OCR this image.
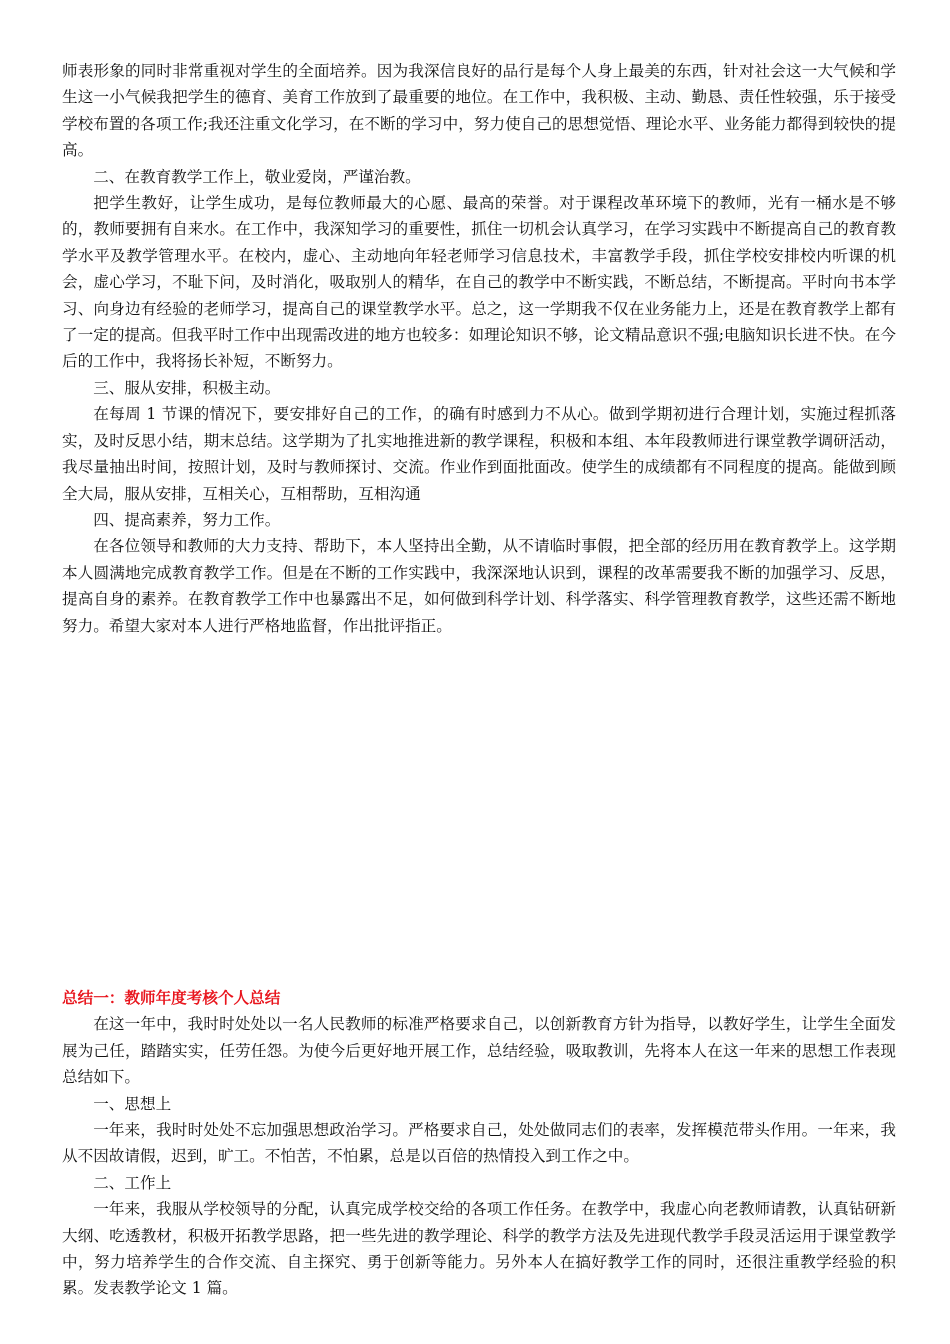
师表形象的同时非常重视对学生的全面培养。因为我深信良好的品行是每个人身上最美的东西，针对社会这一大气候和学生这一小气候我把学生的德育、美育工作放到了最重要的地位。在工作中，我积极、主动、勤恳、责任性较强，乐于接受学校布置的各项工作;我还注重文化学习，在不断的学习中，努力使自己的思想觉悟、理论水平、业务能力都得到较快的提高。

二、在教育教学工作上，敬业爱岗，严谨治教。

把学生教好，让学生成功，是每位教师最大的心愿、最高的荣誉。对于课程改革环境下的教师，光有一桶水是不够的，教师要拥有自来水。在工作中，我深知学习的重要性，抓住一切机会认真学习，在学习实践中不断提高自己的教育教学水平及教学管理水平。在校内，虚心、主动地向年轻老师学习信息技术，丰富教学手段，抓住学校安排校内听课的机会，虚心学习，不耻下问，及时消化，吸取别人的精华，在自己的教学中不断实践，不断总结，不断提高。平时向书本学习、向身边有经验的老师学习，提高自己的课堂教学水平。总之，这一学期我不仅在业务能力上，还是在教育教学上都有了一定的提高。但我平时工作中出现需改进的地方也较多：如理论知识不够，论文精品意识不强;电脑知识长进不快。在今后的工作中，我将扬长补短，不断努力。

三、服从安排，积极主动。

在每周 1 节课的情况下，要安排好自己的工作，的确有时感到力不从心。做到学期初进行合理计划，实施过程抓落实，及时反思小结，期末总结。这学期为了扎实地推进新的教学课程，积极和本组、本年段教师进行课堂教学调研活动，我尽量抽出时间，按照计划，及时与教师探讨、交流。作业作到面批面改。使学生的成绩都有不同程度的提高。能做到顾全大局，服从安排，互相关心，互相帮助，互相沟通

四、提高素养，努力工作。

在各位领导和教师的大力支持、帮助下，本人坚持出全勤，从不请临时事假，把全部的经历用在教育教学上。这学期本人圆满地完成教育教学工作。但是在不断的工作实践中，我深深地认识到，课程的改革需要我不断的加强学习、反思，提高自身的素养。在教育教学工作中也暴露出不足，如何做到科学计划、科学落实、科学管理教育教学，这些还需不断地努力。希望大家对本人进行严格地监督，作出批评指正。

总结一：教师年度考核个人总结

在这一年中，我时时处处以一名人民教师的标准严格要求自己，以创新教育方针为指导，以教好学生，让学生全面发展为己任，踏踏实实，任劳任怨。为使今后更好地开展工作，总结经验，吸取教训，先将本人在这一年来的思想工作表现总结如下。

一、思想上

一年来，我时时处处不忘加强思想政治学习。严格要求自己，处处做同志们的表率，发挥模范带头作用。一年来，我从不因故请假，迟到，旷工。不怕苦，不怕累，总是以百倍的热情投入到工作之中。

二、工作上

一年来，我服从学校领导的分配，认真完成学校交给的各项工作任务。在教学中，我虚心向老教师请教，认真钻研新大纲、吃透教材，积极开拓教学思路，把一些先进的教学理论、科学的教学方法及先进现代教学手段灵活运用于课堂教学中，努力培养学生的合作交流、自主探究、勇于创新等能力。另外本人在搞好教学工作的同时，还很注重教学经验的积累。发表教学论文 1 篇。
